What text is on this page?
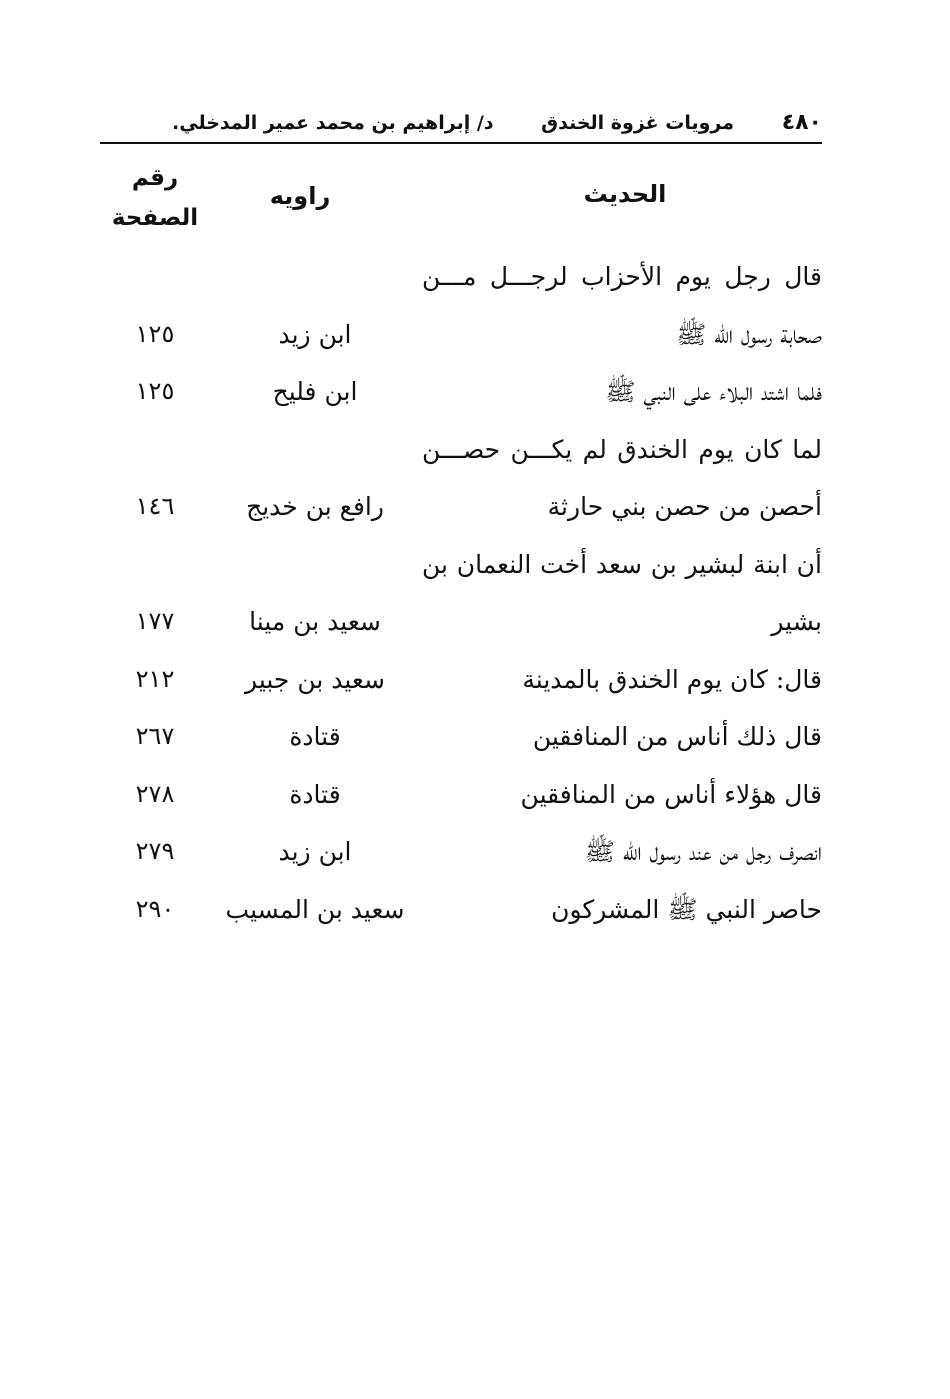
٤٨٠
مرويات غزوة الخندق
د/ إبراهيم بن محمد عمير المدخلي.
الحديث
راويه
رقم
الصفحة
قال رجل يوم الأحزاب لرجـــل مـــن
صحابة رسول الله ﷺ
ابن زيد
١٢٥
فلما اشتد البلاء على النبي ﷺ
ابن فليح
١٢٥
لما كان يوم الخندق لم يكـــن حصـــن
أحصن من حصن بني حارثة
رافع بن خديج
١٤٦
أن ابنة لبشير بن سعد أخت النعمان بن
بشير
سعيد بن مينا
١٧٧
قال: كان يوم الخندق بالمدينة
سعيد بن جبير
٢١٢
قال ذلك أناس من المنافقين
قتادة
٢٦٧
قال هؤلاء أناس من المنافقين
قتادة
٢٧٨
انصرف رجل من عند رسول الله ﷺ
ابن زيد
٢٧٩
حاصر النبي ﷺ المشركون
سعيد بن المسيب
٢٩٠
